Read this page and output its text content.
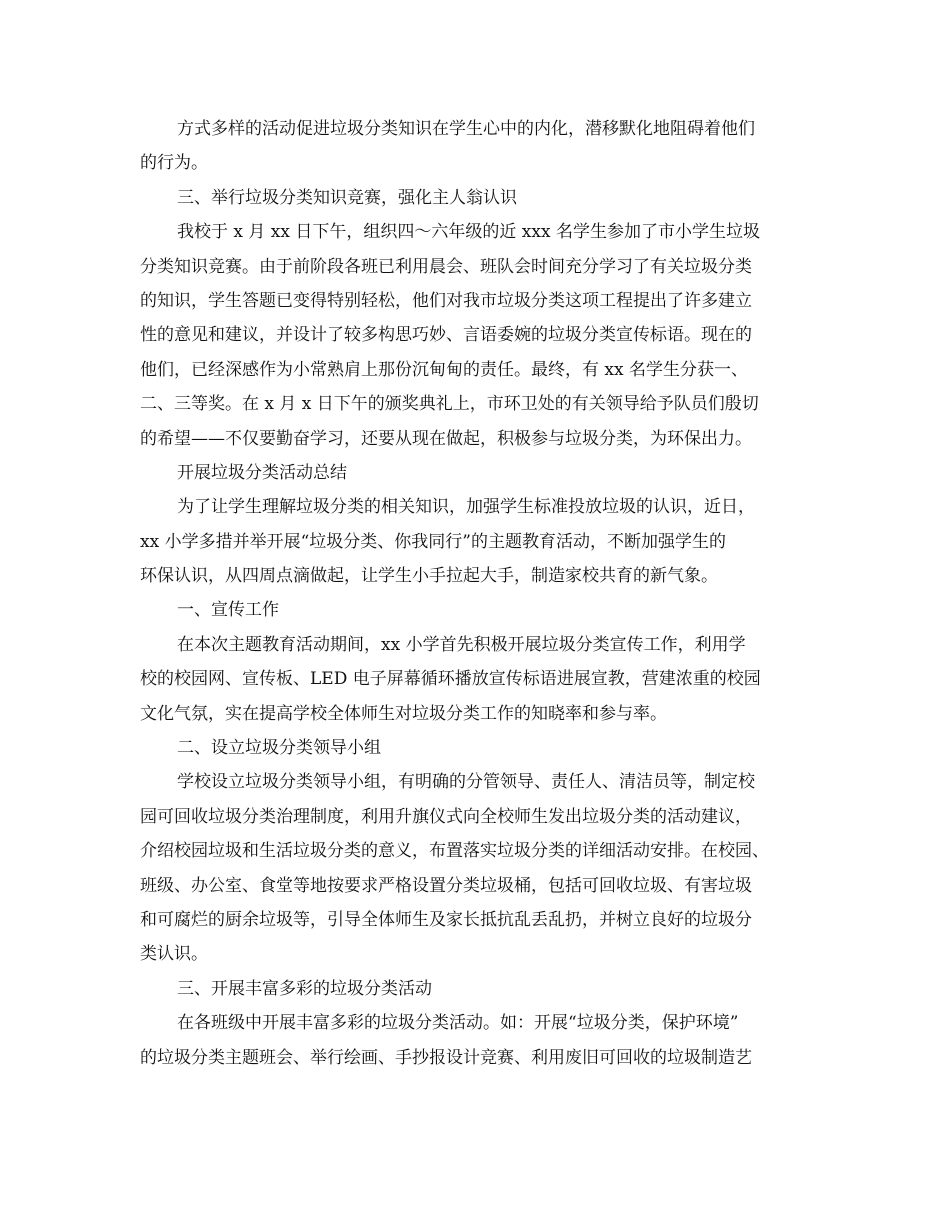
方式多样的活动促进垃圾分类知识在学生心中的内化，潜移默化地阻碍着他们
的行为。
三、举行垃圾分类知识竞赛，强化主人翁认识
我校于 x 月 xx 日下午，组织四～六年级的近 xxx 名学生参加了市小学生垃圾
分类知识竞赛。由于前阶段各班已利用晨会、班队会时间充分学习了有关垃圾分类
的知识，学生答题已变得特别轻松，他们对我市垃圾分类这项工程提出了许多建立
性的意见和建议，并设计了较多构思巧妙、言语委婉的垃圾分类宣传标语。现在的
他们，已经深感作为小常熟肩上那份沉甸甸的责任。最终，有 xx 名学生分获一、
二、三等奖。在 x 月 x 日下午的颁奖典礼上，市环卫处的有关领导给予队员们殷切
的希望——不仅要勤奋学习，还要从现在做起，积极参与垃圾分类，为环保出力。
开展垃圾分类活动总结
为了让学生理解垃圾分类的相关知识，加强学生标准投放垃圾的认识，近日，
xx 小学多措并举开展“垃圾分类、你我同行”的主题教育活动，不断加强学生的
环保认识，从四周点滴做起，让学生小手拉起大手，制造家校共育的新气象。
一、宣传工作
在本次主题教育活动期间，xx 小学首先积极开展垃圾分类宣传工作，利用学
校的校园网、宣传板、LED 电子屏幕循环播放宣传标语进展宣教，营建浓重的校园
文化气氛，实在提高学校全体师生对垃圾分类工作的知晓率和参与率。
二、设立垃圾分类领导小组
学校设立垃圾分类领导小组，有明确的分管领导、责任人、清洁员等，制定校
园可回收垃圾分类治理制度，利用升旗仪式向全校师生发出垃圾分类的活动建议，
介绍校园垃圾和生活垃圾分类的意义，布置落实垃圾分类的详细活动安排。在校园、
班级、办公室、食堂等地按要求严格设置分类垃圾桶，包括可回收垃圾、有害垃圾
和可腐烂的厨余垃圾等，引导全体师生及家长抵抗乱丢乱扔，并树立良好的垃圾分
类认识。
三、开展丰富多彩的垃圾分类活动
在各班级中开展丰富多彩的垃圾分类活动。如：开展“垃圾分类，保护环境”
的垃圾分类主题班会、举行绘画、手抄报设计竞赛、利用废旧可回收的垃圾制造艺
